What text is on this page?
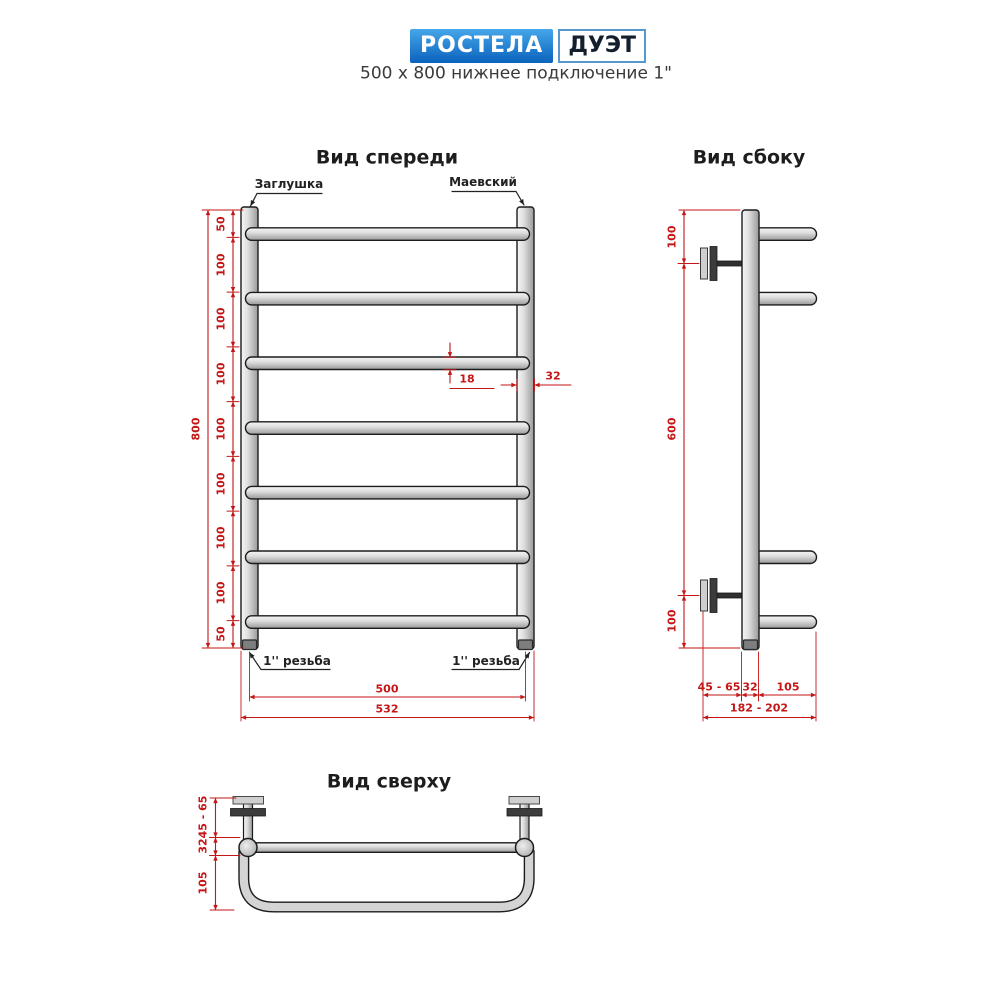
РОСТЕЛА	ДУЭТ
500 x 800 нижнее подключение 1"
Вид спереди	Вид сбоку
Вид сверху
Заглушка	Маевский
1'' резьба	1'' резьба
800
50
100
100
100
100
100
100
100
50
18	32
500
532
100
600
100
45 - 65 32 105
182 - 202
45 - 65
32
105
